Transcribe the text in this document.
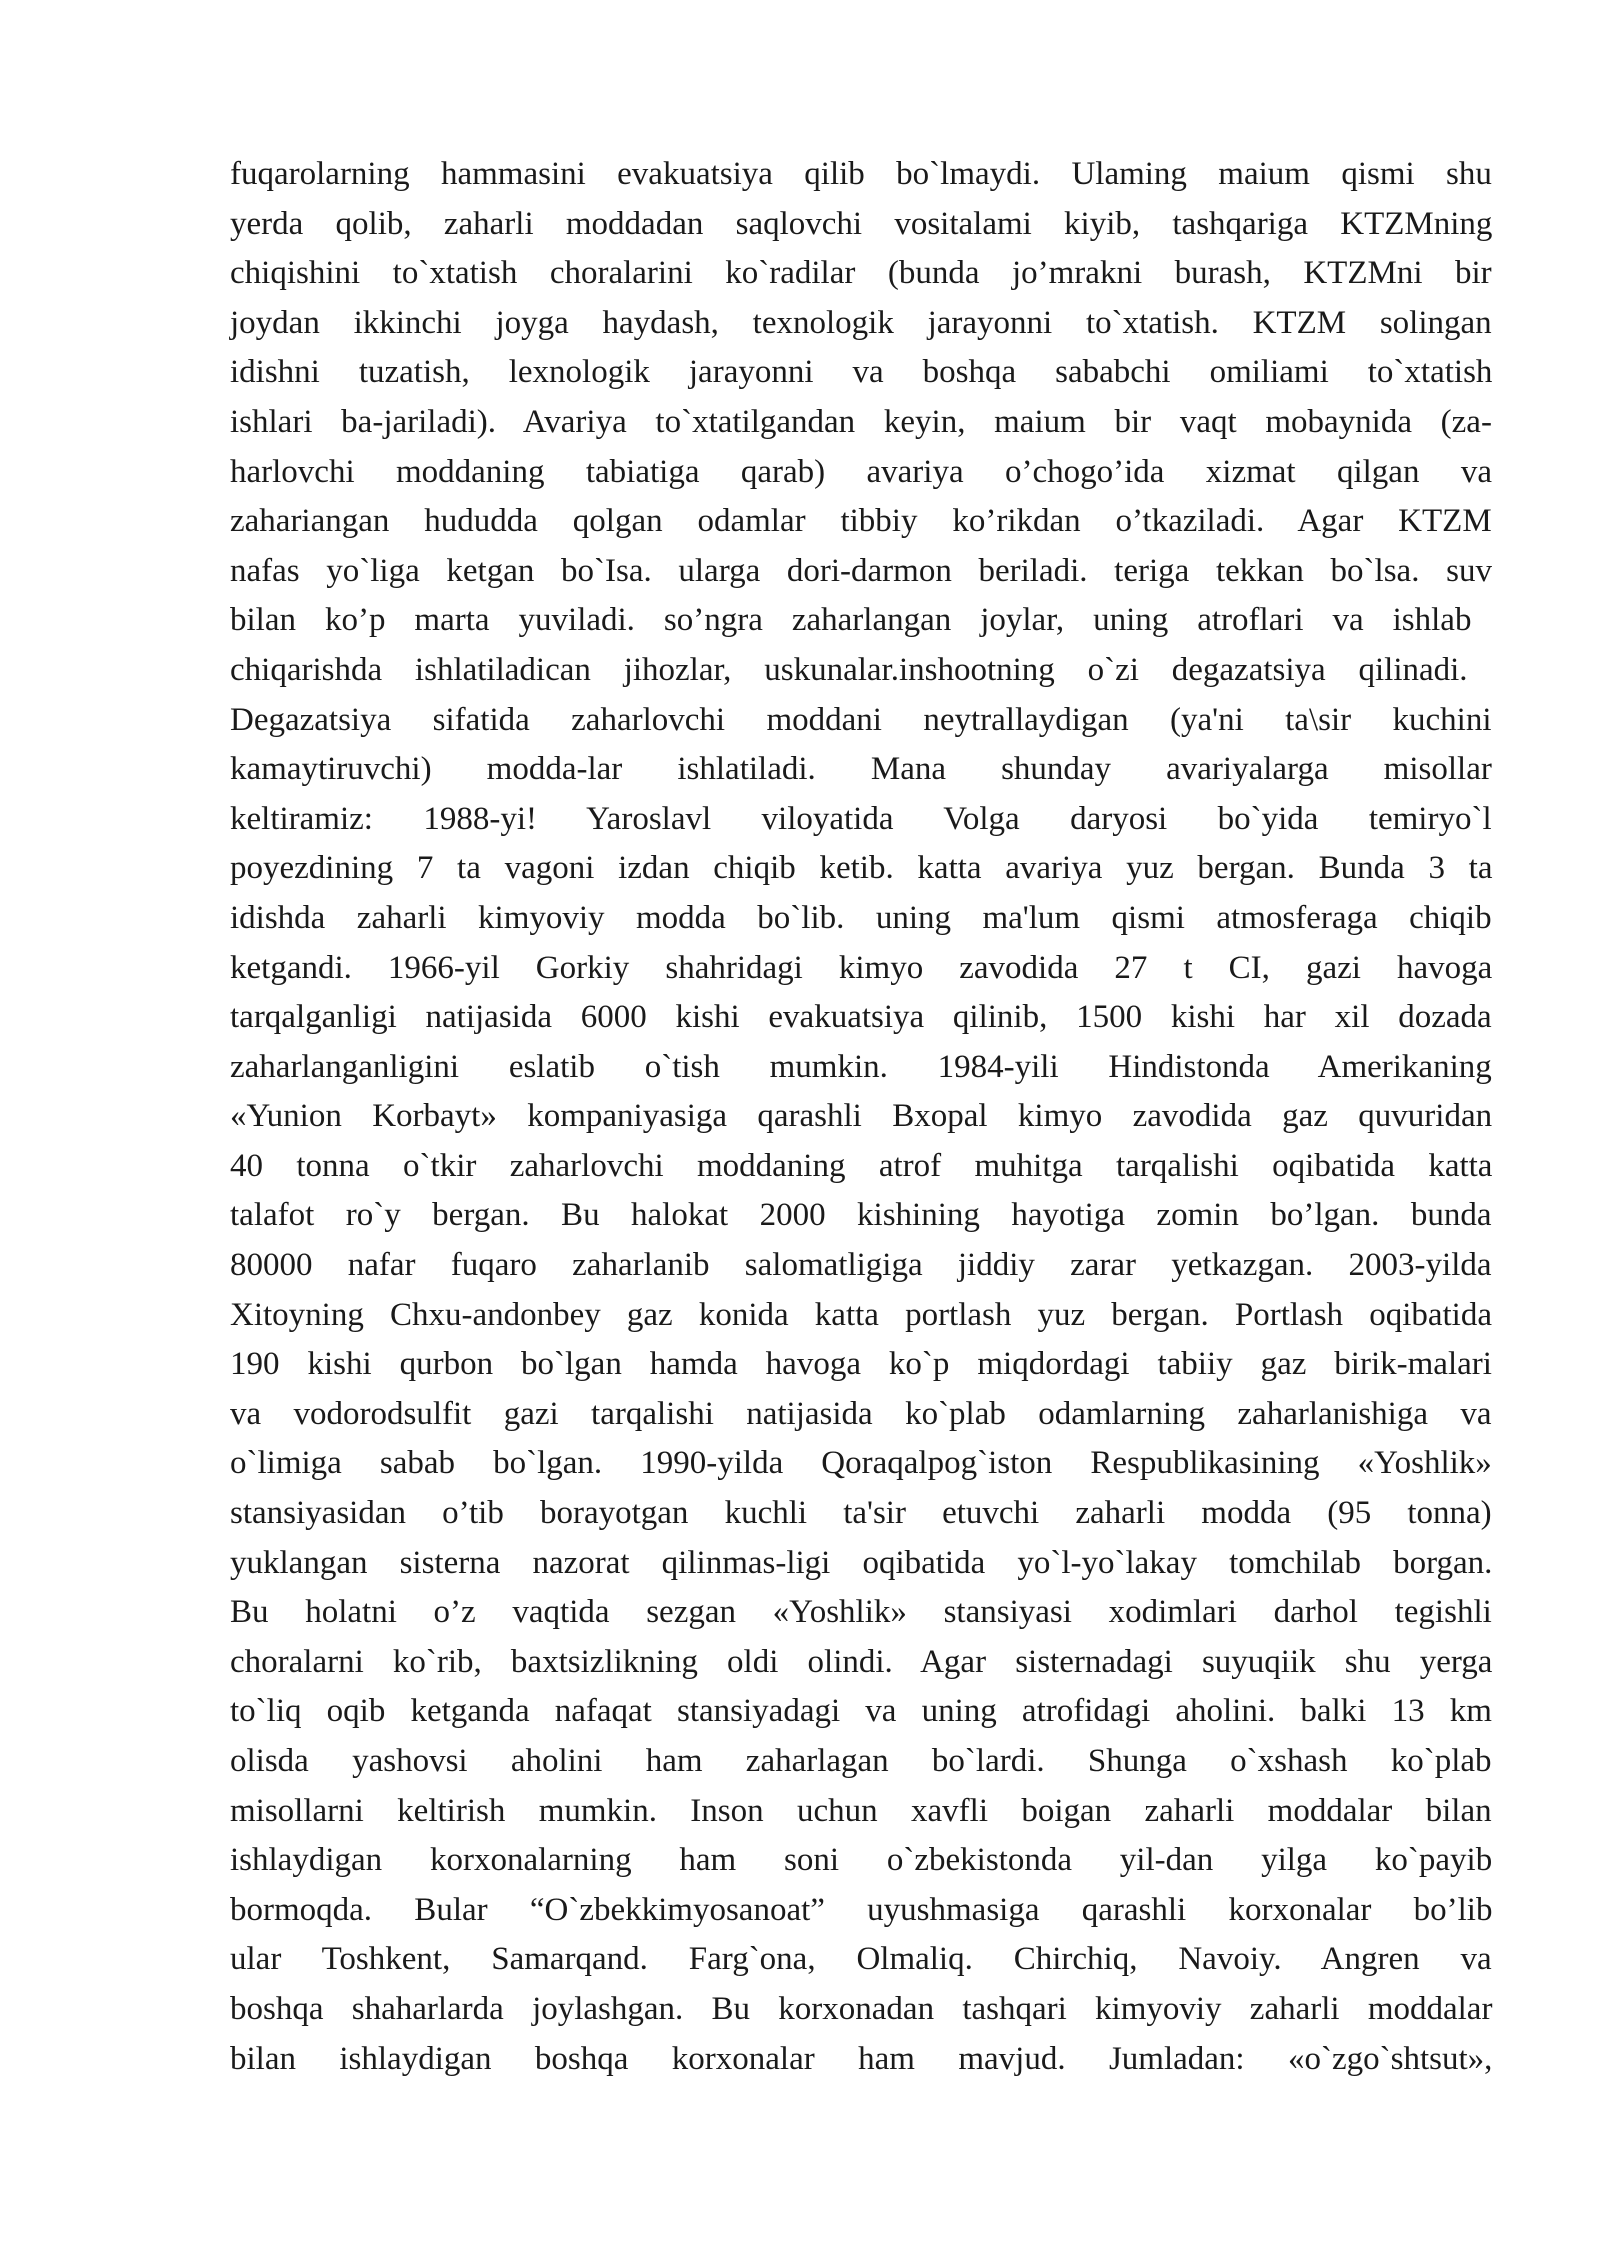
fuqarolarning hammasini evakuatsiya qilib bo`lmaydi. Ulaming maium qismi shu
yerda qolib, zaharli moddadan saqlovchi vositalami kiyib, tashqariga KTZMning
chiqishini to`xtatish choralarini ko`radilar (bunda jo’mrakni burash, KTZMni bir
joydan ikkinchi joyga haydash, texnologik jarayonni to`xtatish. KTZM solingan
idishni tuzatish, lexnologik jarayonni va boshqa sababchi omiliami to`xtatish
ishlari ba-jariladi). Avariya to`xtatilgandan keyin, maium bir vaqt mobaynida (za-
harlovchi moddaning tabiatiga qarab) avariya o’chogo’ida xizmat qilgan va
zahariangan hududda qolgan odamlar tibbiy ko’rikdan o’tkaziladi. Agar KTZM
nafas yo`liga ketgan bo`Isa. ularga dori-darmon beriladi. teriga tekkan bo`lsa. suv
bilan ko’p marta yuviladi. so’ngra zaharlangan joylar, uning atroflari va ishlab
chiqarishda ishlatiladican jihozlar, uskunalar.inshootning o`zi degazatsiya qilinadi.
Degazatsiya sifatida zaharlovchi moddani neytrallaydigan (ya'ni ta\sir kuchini
kamaytiruvchi) modda-lar ishlatiladi. Mana shunday avariyalarga misollar
keltiramiz: 1988-yi! Yaroslavl viloyatida Volga daryosi bo`yida temiryo`l
poyezdining 7 ta vagoni izdan chiqib ketib. katta avariya yuz bergan. Bunda 3 ta
idishda zaharli kimyoviy modda bo`lib. uning ma'lum qismi atmosferaga chiqib
ketgandi. 1966-yil Gorkiy shahridagi kimyo zavodida 27 t CI, gazi havoga
tarqalganligi natijasida 6000 kishi evakuatsiya qilinib, 1500 kishi har xil dozada
zaharlanganligini eslatib o`tish mumkin. 1984-yili Hindistonda Amerikaning
«Yunion Korbayt» kompaniyasiga qarashli Bxopal kimyo zavodida gaz quvuridan
40 tonna o`tkir zaharlovchi moddaning atrof muhitga tarqalishi oqibatida katta
talafot ro`y bergan. Bu halokat 2000 kishining hayotiga zomin bo’lgan. bunda
80000 nafar fuqaro zaharlanib salomatligiga jiddiy zarar yetkazgan. 2003-yilda
Xitoyning Chxu-andonbey gaz konida katta portlash yuz bergan. Portlash oqibatida
190 kishi qurbon bo`lgan hamda havoga ko`p miqdordagi tabiiy gaz birik-malari
va vodorodsulfit gazi tarqalishi natijasida ko`plab odamlarning zaharlanishiga va
o`limiga sabab bo`lgan. 1990-yilda Qoraqalpog`iston Respublikasining «Yoshlik»
stansiyasidan o’tib borayotgan kuchli ta'sir etuvchi zaharli modda (95 tonna)
yuklangan sisterna nazorat qilinmas-ligi oqibatida yo`l-yo`lakay tomchilab borgan.
Bu holatni o’z vaqtida sezgan «Yoshlik» stansiyasi xodimlari darhol tegishli
choralarni ko`rib, baxtsizlikning oldi olindi. Agar sisternadagi suyuqiik shu yerga
to`liq oqib ketganda nafaqat stansiyadagi va uning atrofidagi aholini. balki 13 km
olisda yashovsi aholini ham zaharlagan bo`lardi. Shunga o`xshash ko`plab
misollarni keltirish mumkin. Inson uchun xavfli boigan zaharli moddalar bilan
ishlaydigan korxonalarning ham soni o`zbekistonda yil-dan yilga ko`payib
bormoqda. Bular “O`zbekkimyosanoat” uyushmasiga qarashli korxonalar bo’lib
ular Toshkent, Samarqand. Farg`ona, Olmaliq. Chirchiq, Navoiy. Angren va
boshqa shaharlarda joylashgan. Bu korxonadan tashqari kimyoviy zaharli moddalar
bilan ishlaydigan boshqa korxonalar ham mavjud. Jumladan: «o`zgo`shtsut»,
